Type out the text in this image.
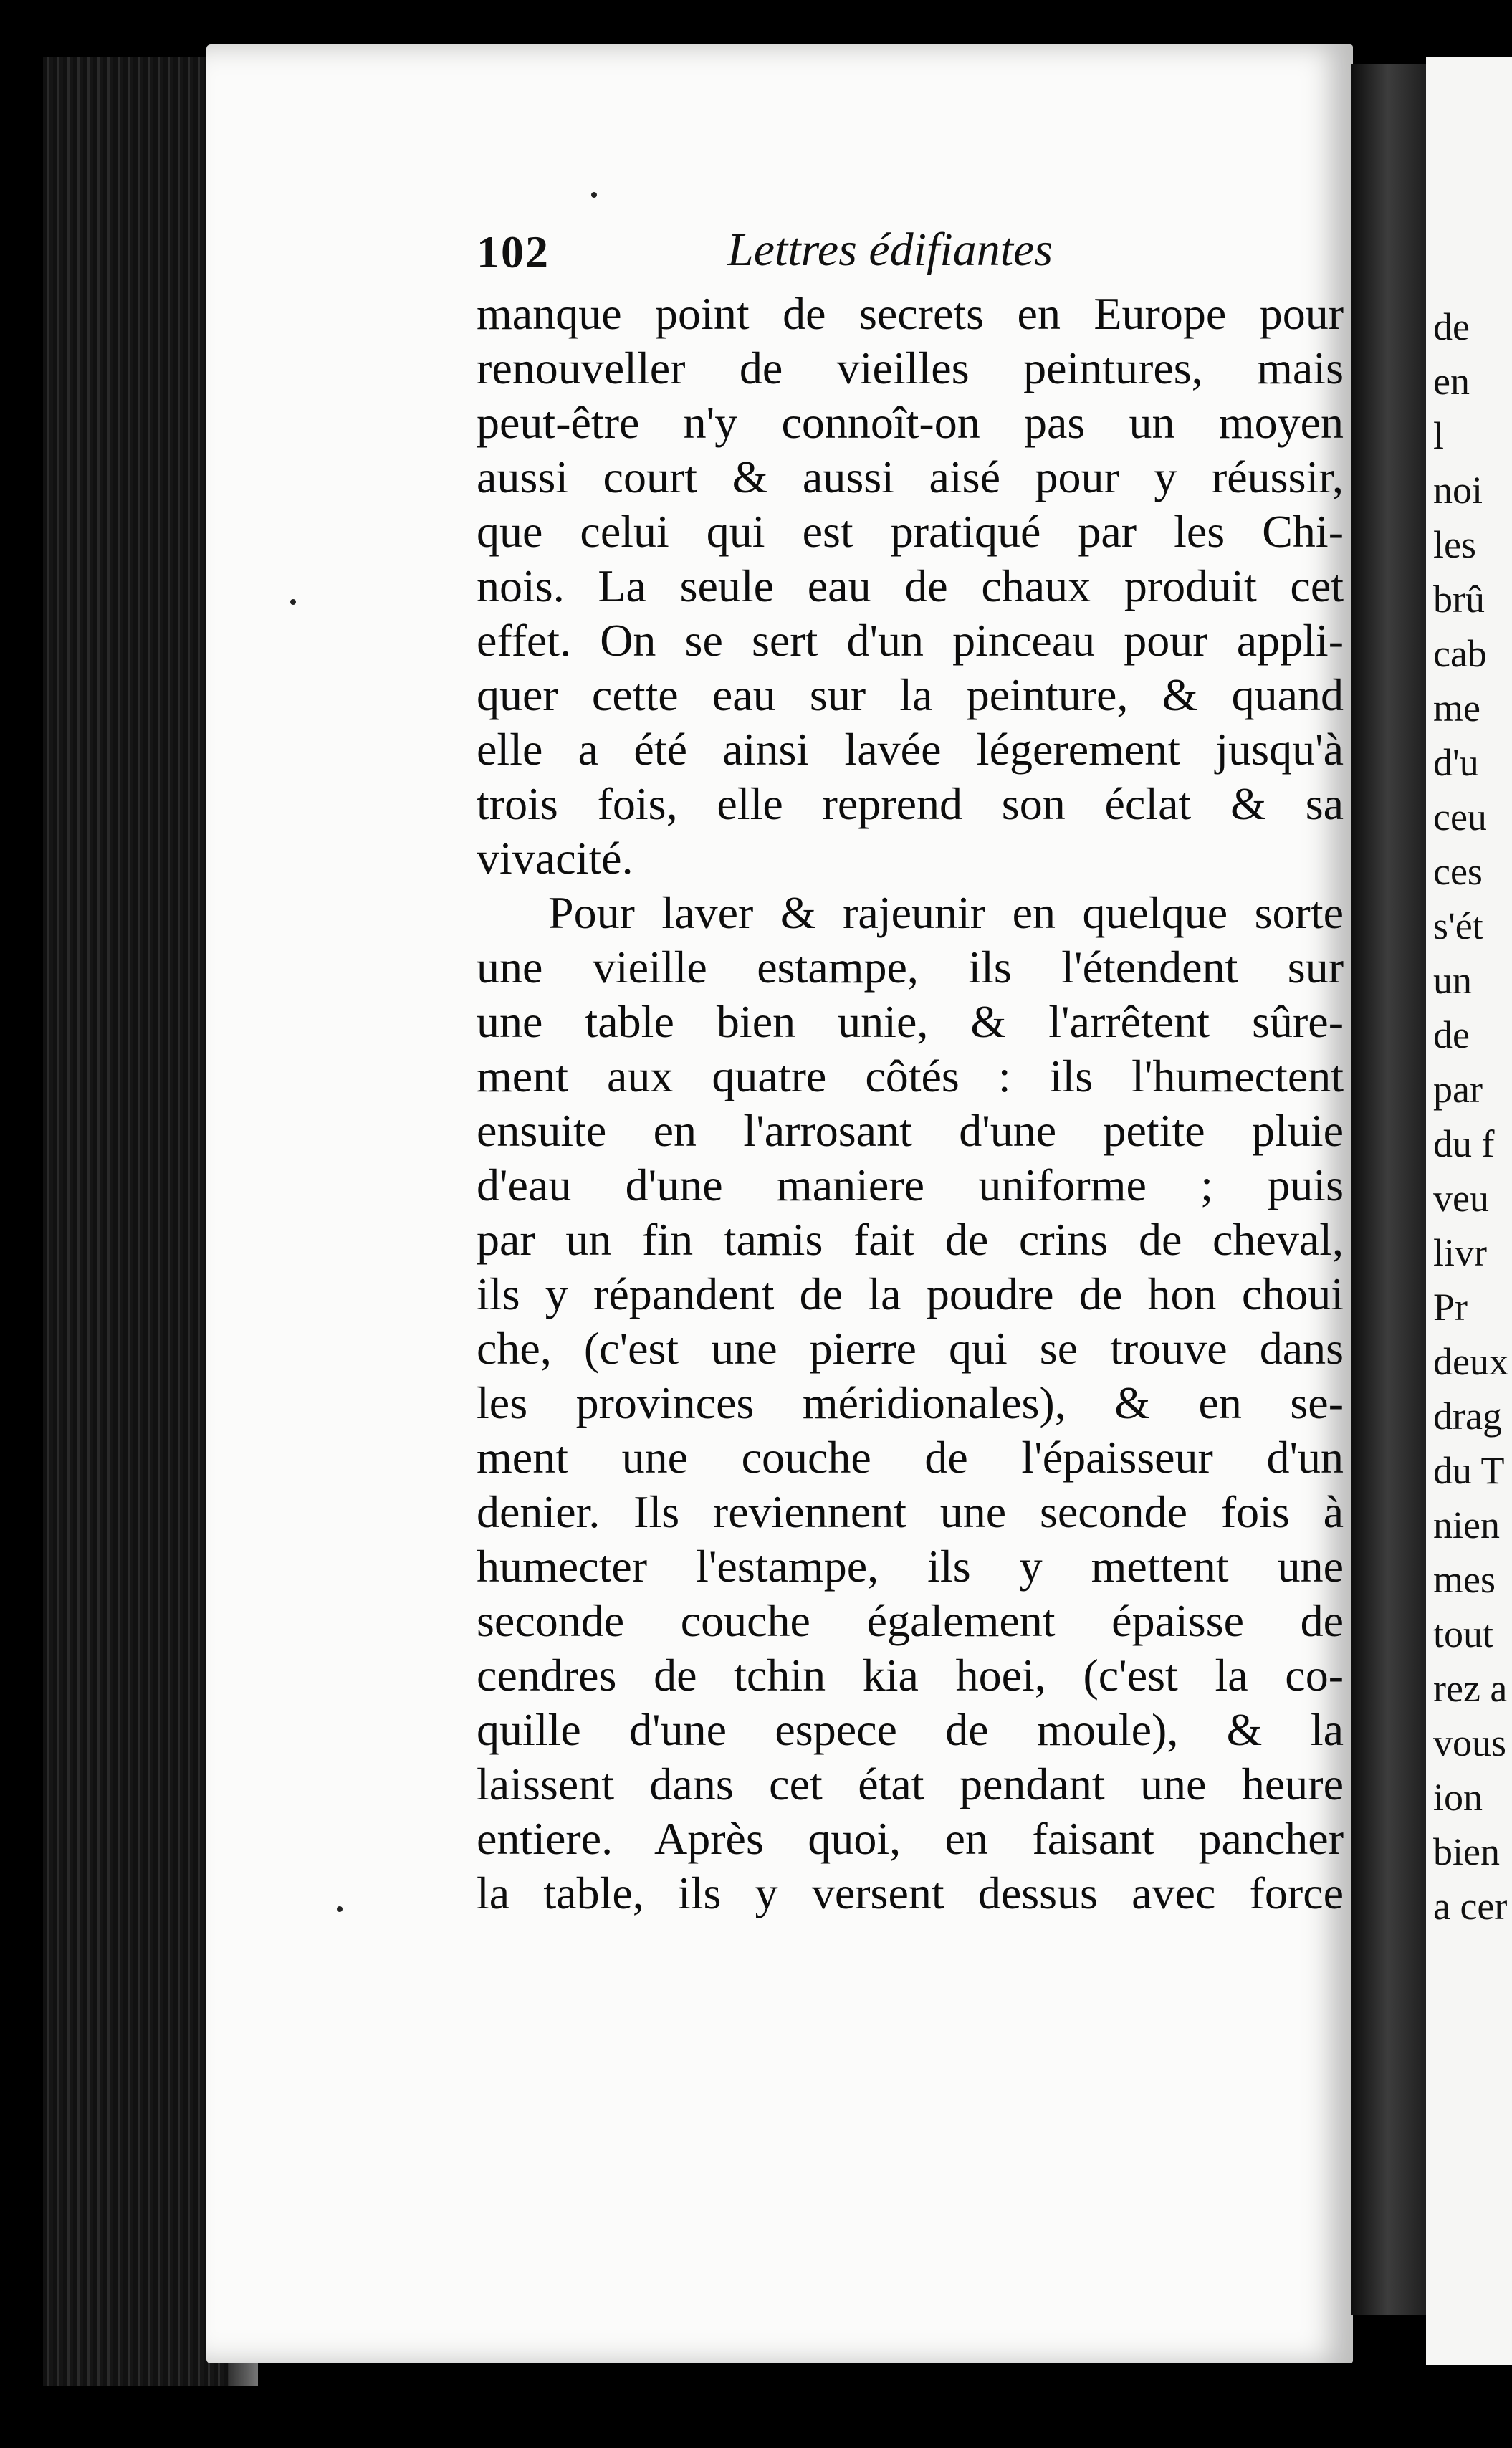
de
en
l
noi
les
brû
cab
me
d'u
ceu
ces
s'ét
un
de
par
du f
veu
livr
Pr
deux
drag
du T
nien
mes
tout
rez a
vous
ion
bien
a cer
102	Lettres édifiantes
manque point de secrets en Europe pour
renouveller de vieilles peintures, mais
peut-être n'y connoît-on pas un moyen
aussi court & aussi aisé pour y réussir,
que celui qui est pratiqué par les Chi-
nois. La seule eau de chaux produit cet
effet. On se sert d'un pinceau pour appli-
quer cette eau sur la peinture, & quand
elle a été ainsi lavée légerement jusqu'à
trois fois, elle reprend son éclat & sa
vivacité.
Pour laver & rajeunir en quelque sorte
une vieille estampe, ils l'étendent sur
une table bien unie, & l'arrêtent sûre-
ment aux quatre côtés : ils l'humectent
ensuite en l'arrosant d'une petite pluie
d'eau d'une maniere uniforme ; puis
par un fin tamis fait de crins de cheval,
ils y répandent de la poudre de hon choui
che, (c'est une pierre qui se trouve dans
les provinces méridionales), & en se-
ment une couche de l'épaisseur d'un
denier. Ils reviennent une seconde fois à
humecter l'estampe, ils y mettent une
seconde couche également épaisse de
cendres de tchin kia hoei, (c'est la co-
quille d'une espece de moule), & la
laissent dans cet état pendant une heure
entiere. Après quoi, en faisant pancher
la table, ils y versent dessus avec force
